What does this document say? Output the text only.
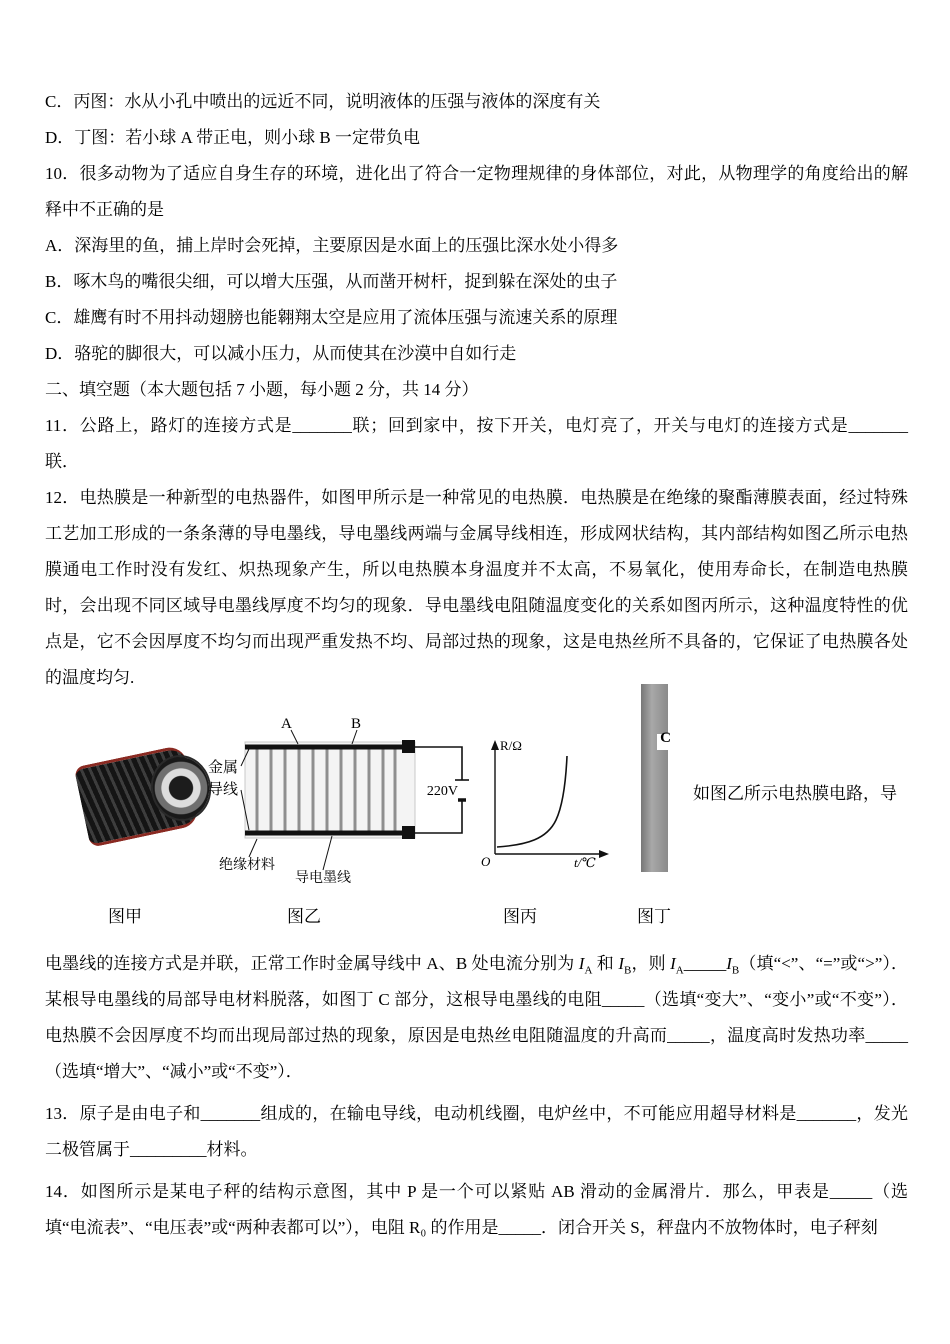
C．丙图：水从小孔中喷出的远近不同，说明液体的压强与液体的深度有关

D．丁图：若小球 A 带正电，则小球 B 一定带负电

10．很多动物为了适应自身生存的环境，进化出了符合一定物理规律的身体部位，对此，从物理学的角度给出的解释中不正确的是

A．深海里的鱼，捕上岸时会死掉，主要原因是水面上的压强比深水处小得多

B．啄木鸟的嘴很尖细，可以增大压强，从而凿开树杆，捉到躲在深处的虫子

C．雄鹰有时不用抖动翅膀也能翱翔太空是应用了流体压强与流速关系的原理

D．骆驼的脚很大，可以减小压力，从而使其在沙漠中自如行走

二、填空题（本大题包括 7 小题，每小题 2 分，共 14 分）

11．公路上，路灯的连接方式是_______联；回到家中，按下开关，电灯亮了，开关与电灯的连接方式是_______联．

12．电热膜是一种新型的电热器件，如图甲所示是一种常见的电热膜．电热膜是在绝缘的聚酯薄膜表面，经过特殊工艺加工形成的一条条薄的导电墨线，导电墨线两端与金属导线相连，形成网状结构，其内部结构如图乙所示电热膜通电工作时没有发红、炽热现象产生，所以电热膜本身温度并不太高，不易氧化，使用寿命长，在制造电热膜时，会出现不同区域导电墨线厚度不均匀的现象．导电墨线电阻随温度变化的关系如图丙所示，这种温度特性的优点是，它不会因厚度不均匀而出现严重发热不均、局部过热的现象，这是电热丝所不具备的，它保证了电热膜各处的温度均匀.

A	B
金属
导线	220V
绝缘材料
导电墨线
R/Ω
O	t/℃
C
如图乙所示电热膜电路，导
图甲	图乙	图丙	图丁

电墨线的连接方式是并联，正常工作时金属导线中 A、B 处电流分别为 $I_A$ 和 $I_B$，则 $I_A\_\_\_\_\_I_B$（填“<”、“=”或“>”）．某根导电墨线的局部导电材料脱落，如图丁 C 部分，这根导电墨线的电阻_____（选填“变大”、“变小”或“不变”）．电热膜不会因厚度不均而出现局部过热的现象，原因是电热丝电阻随温度的升高而_____，温度高时发热功率_____（选填“增大”、“减小”或“不变”）．

13．原子是由电子和_______组成的，在输电导线，电动机线圈，电炉丝中，不可能应用超导材料是_______，发光二极管属于_________材料。

14．如图所示是某电子秤的结构示意图，其中 P 是一个可以紧贴 AB 滑动的金属滑片．那么，甲表是_____（选填“电流表”、“电压表”或“两种表都可以”），电阻 R₀ 的作用是_____．闭合开关 S，秤盘内不放物体时，电子秤刻
